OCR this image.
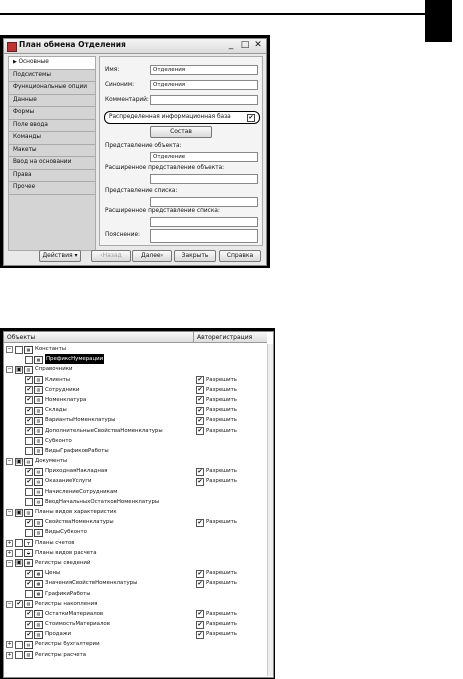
План обмена Отделения	_ □ ✕
▶ Основные
Подсистемы
Функциональные опции
Данные
Формы
Поле ввода
Команды
Макеты
Ввод на основании
Права
Прочее
Имя:	Отделения
Синоним:	Отделения
Комментарий:
Распределенная информационная база	✔
Состав
Представление объекта:
Отделение
Расширенное представление объекта:
Представление списка:
Расширенное представление списка:
Пояснение:
Действия ▾	‹Назад	Далее›	Закрыть	Справка
Объекты	Авторегистрация
−	▦ Константы
▦	ПрефиксНумерации
− ▣	▥ Справочники
✔	▥ Клиенты	✔ Разрешить
✔	▥ Сотрудники	✔ Разрешить
✔	▥ Номенклатура	✔ Разрешить
✔	▥ Склады	✔ Разрешить
✔	▥ ВариантыНоменклатуры	✔ Разрешить
✔	▥ ДополнительныеСвойстваНоменклатуры	✔ Разрешить
▥ Субконто
▥ ВидыГрафиковРаботы
− ▣	▤ Документы
✔	▤ ПриходнаяНакладная	✔ Разрешить
✔	▤ ОказаниеУслуги	✔ Разрешить
▤ НачислениеСотрудникам
▤ ВводНачальныхОстатковНоменклатуры
− ▣	▥ Планы видов характеристик
✔	▥ СвойстваНоменклатуры	✔ Разрешить
▥ ВидыСубконто
+	╦ Планы счетов
+	◒ Планы видов расчета
− ▣	▦ Регистры сведений
✔	▦ Цены	✔ Разрешить
✔	▦ ЗначенияСвойствНоменклатуры	✔ Разрешить
▦ ГрафикиРаботы
− ✔	▨ Регистры накопления
✔	▨ ОстаткиМатериалов	✔ Разрешить
✔	▨ СтоимостьМатериалов	✔ Разрешить
✔	▨ Продажи	✔ Разрешить
+	▤ Регистры бухгалтерии
+	▧ Регистры расчета
